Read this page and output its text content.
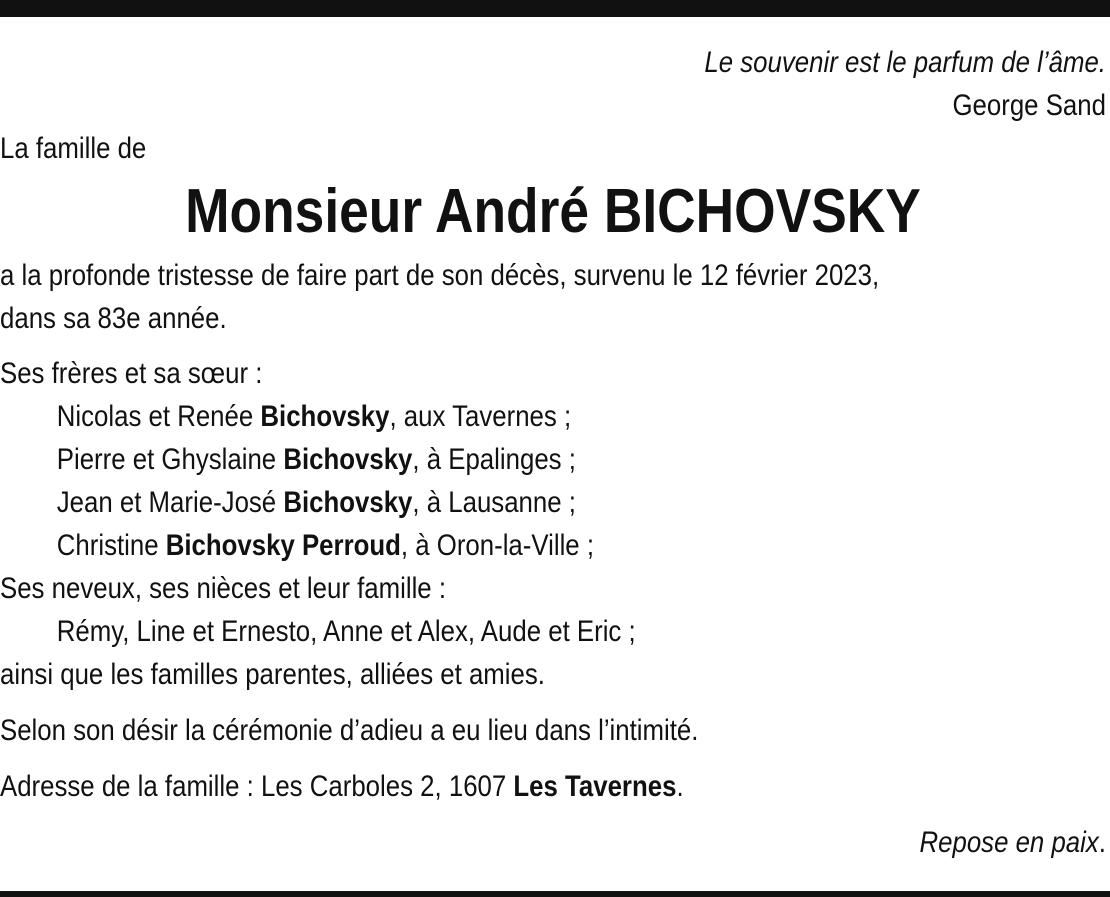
Le souvenir est le parfum de l’âme.
George Sand
La famille de
Monsieur André BICHOVSKY
a la profonde tristesse de faire part de son décès, survenu le 12 février 2023,
dans sa 83e année.
Ses frères et sa sœur :
Nicolas et Renée Bichovsky, aux Tavernes ;
Pierre et Ghyslaine Bichovsky, à Epalinges ;
Jean et Marie-José Bichovsky, à Lausanne ;
Christine Bichovsky Perroud, à Oron-la-Ville ;
Ses neveux, ses nièces et leur famille :
Rémy, Line et Ernesto, Anne et Alex, Aude et Eric ;
ainsi que les familles parentes, alliées et amies.
Selon son désir la cérémonie d’adieu a eu lieu dans l’intimité.
Adresse de la famille : Les Carboles 2, 1607 Les Tavernes.
Repose en paix.
